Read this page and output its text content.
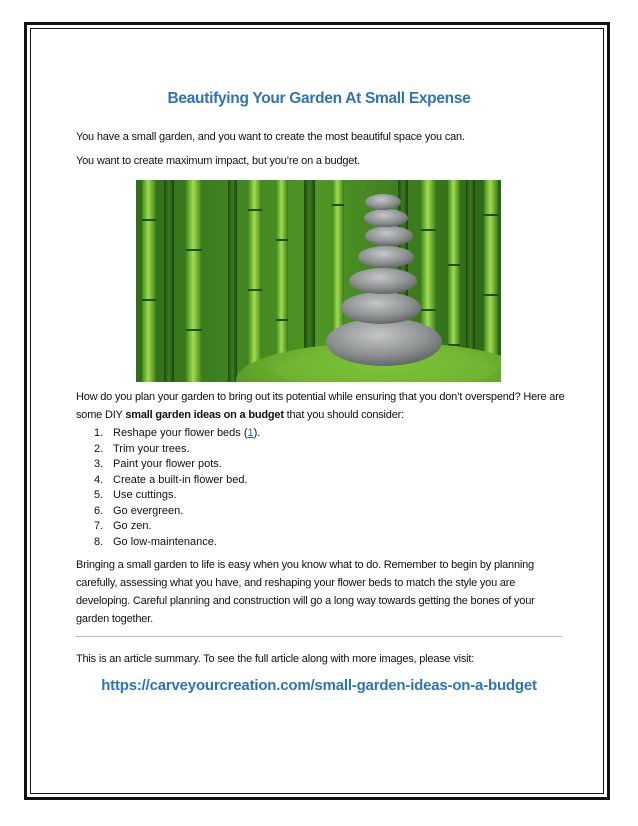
Beautifying Your Garden At Small Expense
You have a small garden, and you want to create the most beautiful space you can.
You want to create maximum impact, but you’re on a budget.
How do you plan your garden to bring out its potential while ensuring that you don’t overspend? Here are some DIY small garden ideas on a budget that you should consider:
1. Reshape your flower beds (1).
2. Trim your trees.
3. Paint your flower pots.
4. Create a built-in flower bed.
5. Use cuttings.
6. Go evergreen.
7. Go zen.
8. Go low-maintenance.
Bringing a small garden to life is easy when you know what to do. Remember to begin by planning carefully, assessing what you have, and reshaping your flower beds to match the style you are developing. Careful planning and construction will go a long way towards getting the bones of your garden together.
This is an article summary. To see the full article along with more images, please visit:
https://carveyourcreation.com/small-garden-ideas-on-a-budget
